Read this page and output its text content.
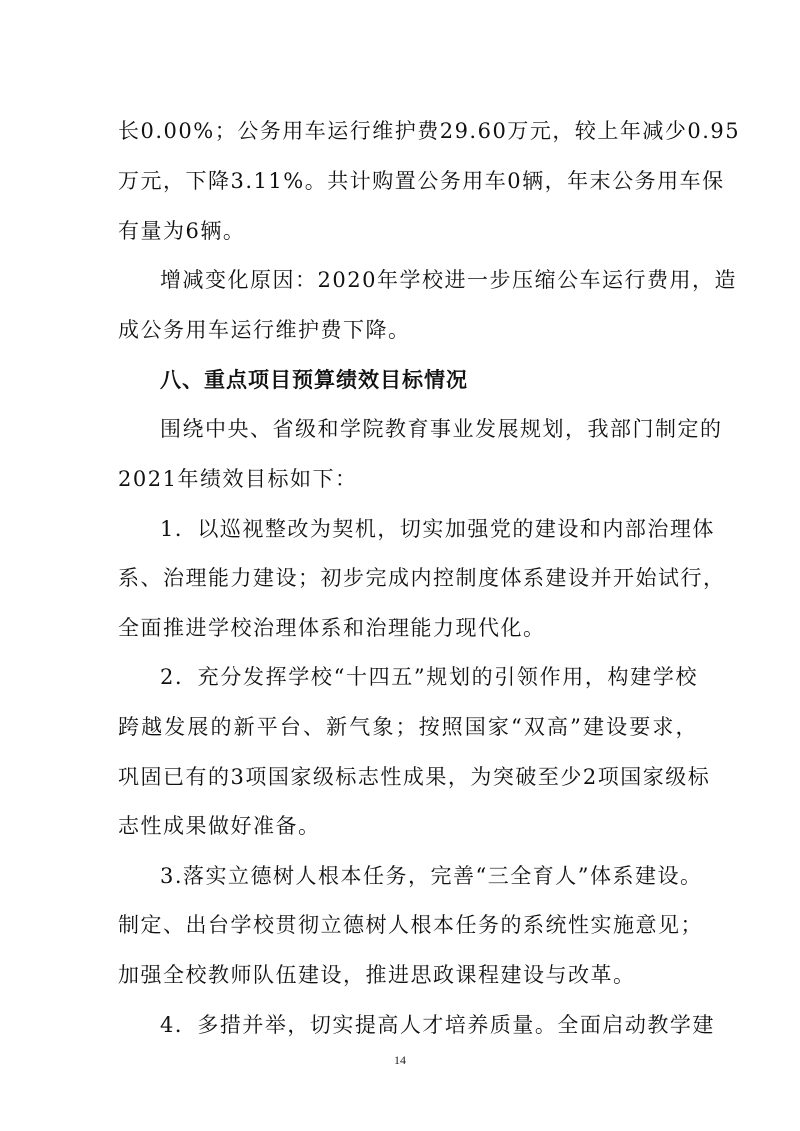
长0.00%；公务用车运行维护费29.60万元，较上年减少0.95
万元，下降3.11%。共计购置公务用车0辆，年末公务用车保
有量为6辆。
增减变化原因：2020年学校进一步压缩公车运行费用，造
成公务用车运行维护费下降。
八、重点项目预算绩效目标情况
围绕中央、省级和学院教育事业发展规划，我部门制定的
2021年绩效目标如下：
1．以巡视整改为契机，切实加强党的建设和内部治理体
系、治理能力建设；初步完成内控制度体系建设并开始试行，
全面推进学校治理体系和治理能力现代化。
2．充分发挥学校“十四五”规划的引领作用，构建学校
跨越发展的新平台、新气象；按照国家“双高”建设要求，
巩固已有的3项国家级标志性成果，为突破至少2项国家级标
志性成果做好准备。
3.落实立德树人根本任务，完善“三全育人”体系建设。
制定、出台学校贯彻立德树人根本任务的系统性实施意见；
加强全校教师队伍建设，推进思政课程建设与改革。
4．多措并举，切实提高人才培养质量。全面启动教学建
14
